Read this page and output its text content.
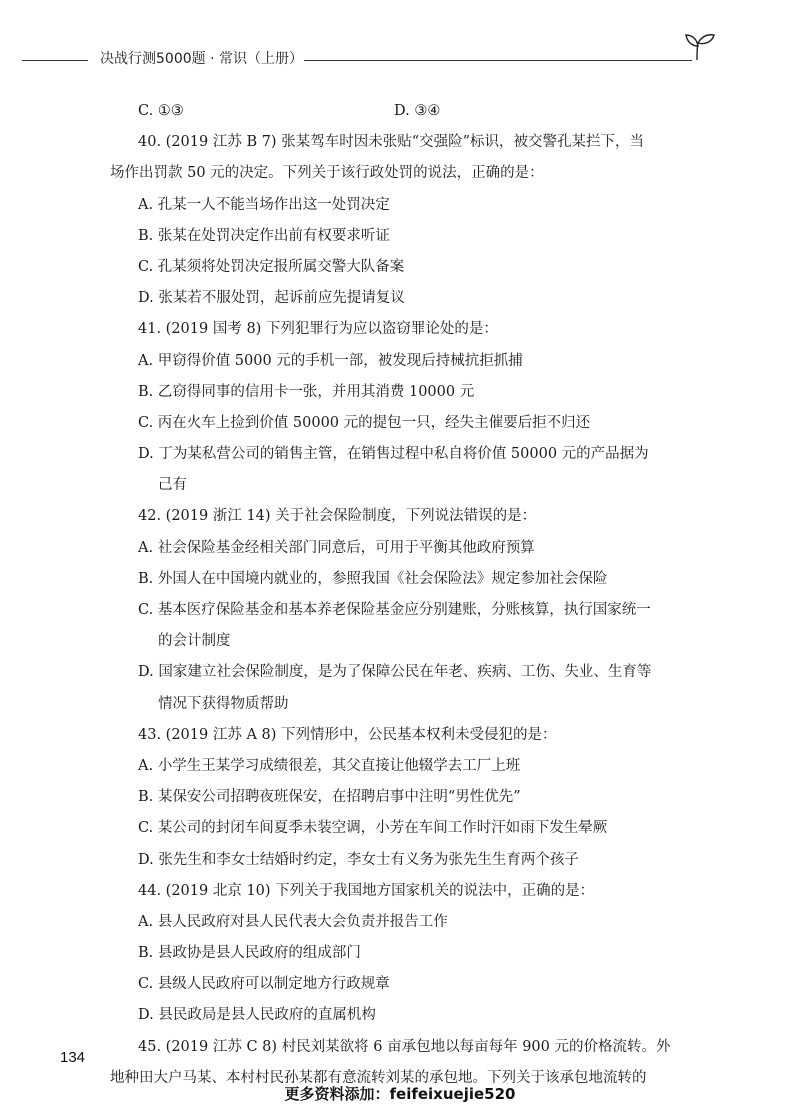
决战行测5000题 · 常识（上册）
C. ①③	D. ③④
40. (2019 江苏 B 7) 张某驾车时因未张贴“交强险”标识，被交警孔某拦下，当
场作出罚款 50 元的决定。下列关于该行政处罚的说法，正确的是：
A. 孔某一人不能当场作出这一处罚决定
B. 张某在处罚决定作出前有权要求听证
C. 孔某须将处罚决定报所属交警大队备案
D. 张某若不服处罚，起诉前应先提请复议
41. (2019 国考 8) 下列犯罪行为应以盗窃罪论处的是：
A. 甲窃得价值 5000 元的手机一部，被发现后持械抗拒抓捕
B. 乙窃得同事的信用卡一张，并用其消费 10000 元
C. 丙在火车上捡到价值 50000 元的提包一只，经失主催要后拒不归还
D. 丁为某私营公司的销售主管，在销售过程中私自将价值 50000 元的产品据为
己有
42. (2019 浙江 14) 关于社会保险制度，下列说法错误的是：
A. 社会保险基金经相关部门同意后，可用于平衡其他政府预算
B. 外国人在中国境内就业的，参照我国《社会保险法》规定参加社会保险
C. 基本医疗保险基金和基本养老保险基金应分别建账，分账核算，执行国家统一
的会计制度
D. 国家建立社会保险制度，是为了保障公民在年老、疾病、工伤、失业、生育等
情况下获得物质帮助
43. (2019 江苏 A 8) 下列情形中，公民基本权利未受侵犯的是：
A. 小学生王某学习成绩很差，其父直接让他辍学去工厂上班
B. 某保安公司招聘夜班保安，在招聘启事中注明“男性优先”
C. 某公司的封闭车间夏季未装空调，小芳在车间工作时汗如雨下发生晕厥
D. 张先生和李女士结婚时约定，李女士有义务为张先生生育两个孩子
44. (2019 北京 10) 下列关于我国地方国家机关的说法中，正确的是：
A. 县人民政府对县人民代表大会负责并报告工作
B. 县政协是县人民政府的组成部门
C. 县级人民政府可以制定地方行政规章
D. 县民政局是县人民政府的直属机构
45. (2019 江苏 C 8) 村民刘某欲将 6 亩承包地以每亩每年 900 元的价格流转。外
地种田大户马某、本村村民孙某都有意流转刘某的承包地。下列关于该承包地流转的
134
更多资料添加：feifeixuejie520
